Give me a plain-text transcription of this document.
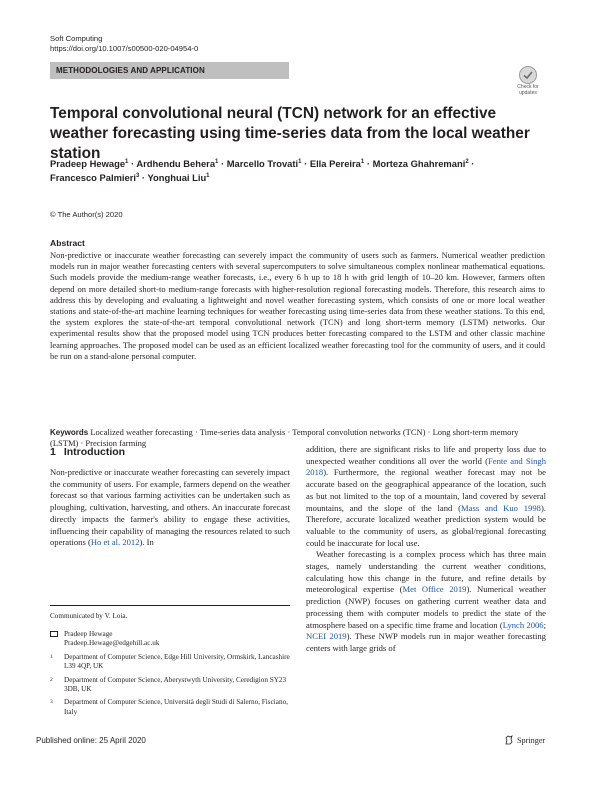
Soft Computing
https://doi.org/10.1007/s00500-020-04954-0
METHODOLOGIES AND APPLICATION
Check for updates
Temporal convolutional neural (TCN) network for an effective weather forecasting using time-series data from the local weather station
Pradeep Hewage$^1$ · Ardhendu Behera$^1$ · Marcello Trovati$^1$ · Ella Pereira$^1$ · Morteza Ghahremani$^2$ ·
Francesco Palmieri$^3$ · Yonghuai Liu$^1$
© The Author(s) 2020
Abstract
Non-predictive or inaccurate weather forecasting can severely impact the community of users such as farmers. Numerical weather prediction models run in major weather forecasting centers with several supercomputers to solve simultaneous complex nonlinear mathematical equations. Such models provide the medium-range weather forecasts, i.e., every 6 h up to 18 h with grid length of 10–20 km. However, farmers often depend on more detailed short-to medium-range forecasts with higher-resolution regional forecasting models. Therefore, this research aims to address this by developing and evaluating a lightweight and novel weather forecasting system, which consists of one or more local weather stations and state-of-the-art machine learning techniques for weather forecasting using time-series data from these weather stations. To this end, the system explores the state-of-the-art temporal convolutional network (TCN) and long short-term memory (LSTM) networks. Our experimental results show that the proposed model using TCN produces better forecasting compared to the LSTM and other classic machine learning approaches. The proposed model can be used as an efficient localized weather forecasting tool for the community of users, and it could be run on a stand-alone personal computer.
Keywords Localized weather forecasting · Time-series data analysis · Temporal convolution networks (TCN) · Long short-term memory (LSTM) · Precision farming
1 Introduction

Non-predictive or inaccurate weather forecasting can severely impact the community of users. For example, farmers depend on the weather forecast so that various farming activities can be undertaken such as ploughing, cultivation, harvesting, and others. An inaccurate forecast directly impacts the farmer's ability to engage these activities, influencing their capability of managing the resources related to such operations (Ho et al. 2012). In

addition, there are significant risks to life and property loss due to unexpected weather conditions all over the world (Fente and Singh 2018). Furthermore, the regional weather forecast may not be accurate based on the geographical appearance of the location, such as but not limited to the top of a mountain, land covered by several mountains, and the slope of the land (Mass and Kuo 1998). Therefore, accurate localized weather prediction system would be valuable to the community of users, as global/regional forecasting could be inaccurate for local use.

Weather forecasting is a complex process which has three main stages, namely understanding the current weather conditions, calculating how this change in the future, and refine details by meteorological expertise (Met Office 2019). Numerical weather prediction (NWP) focuses on gathering current weather data and processing them with computer models to predict the state of the atmosphere based on a specific time frame and location (Lynch 2006; NCEI 2019). These NWP models run in major weather forecasting centers with large grids of

Communicated by V. Loia.
Pradeep Hewage
Pradeep.Hewage@edgehill.ac.uk
1 Department of Computer Science, Edge Hill University, Ormskirk, Lancashire L39 4QP, UK
2 Department of Computer Science, Aberystwyth University, Ceredigion SY23 3DB, UK
3 Department of Computer Science, Università degli Studi di Salerno, Fisciano, Italy
Published online: 25 April 2020	Springer
